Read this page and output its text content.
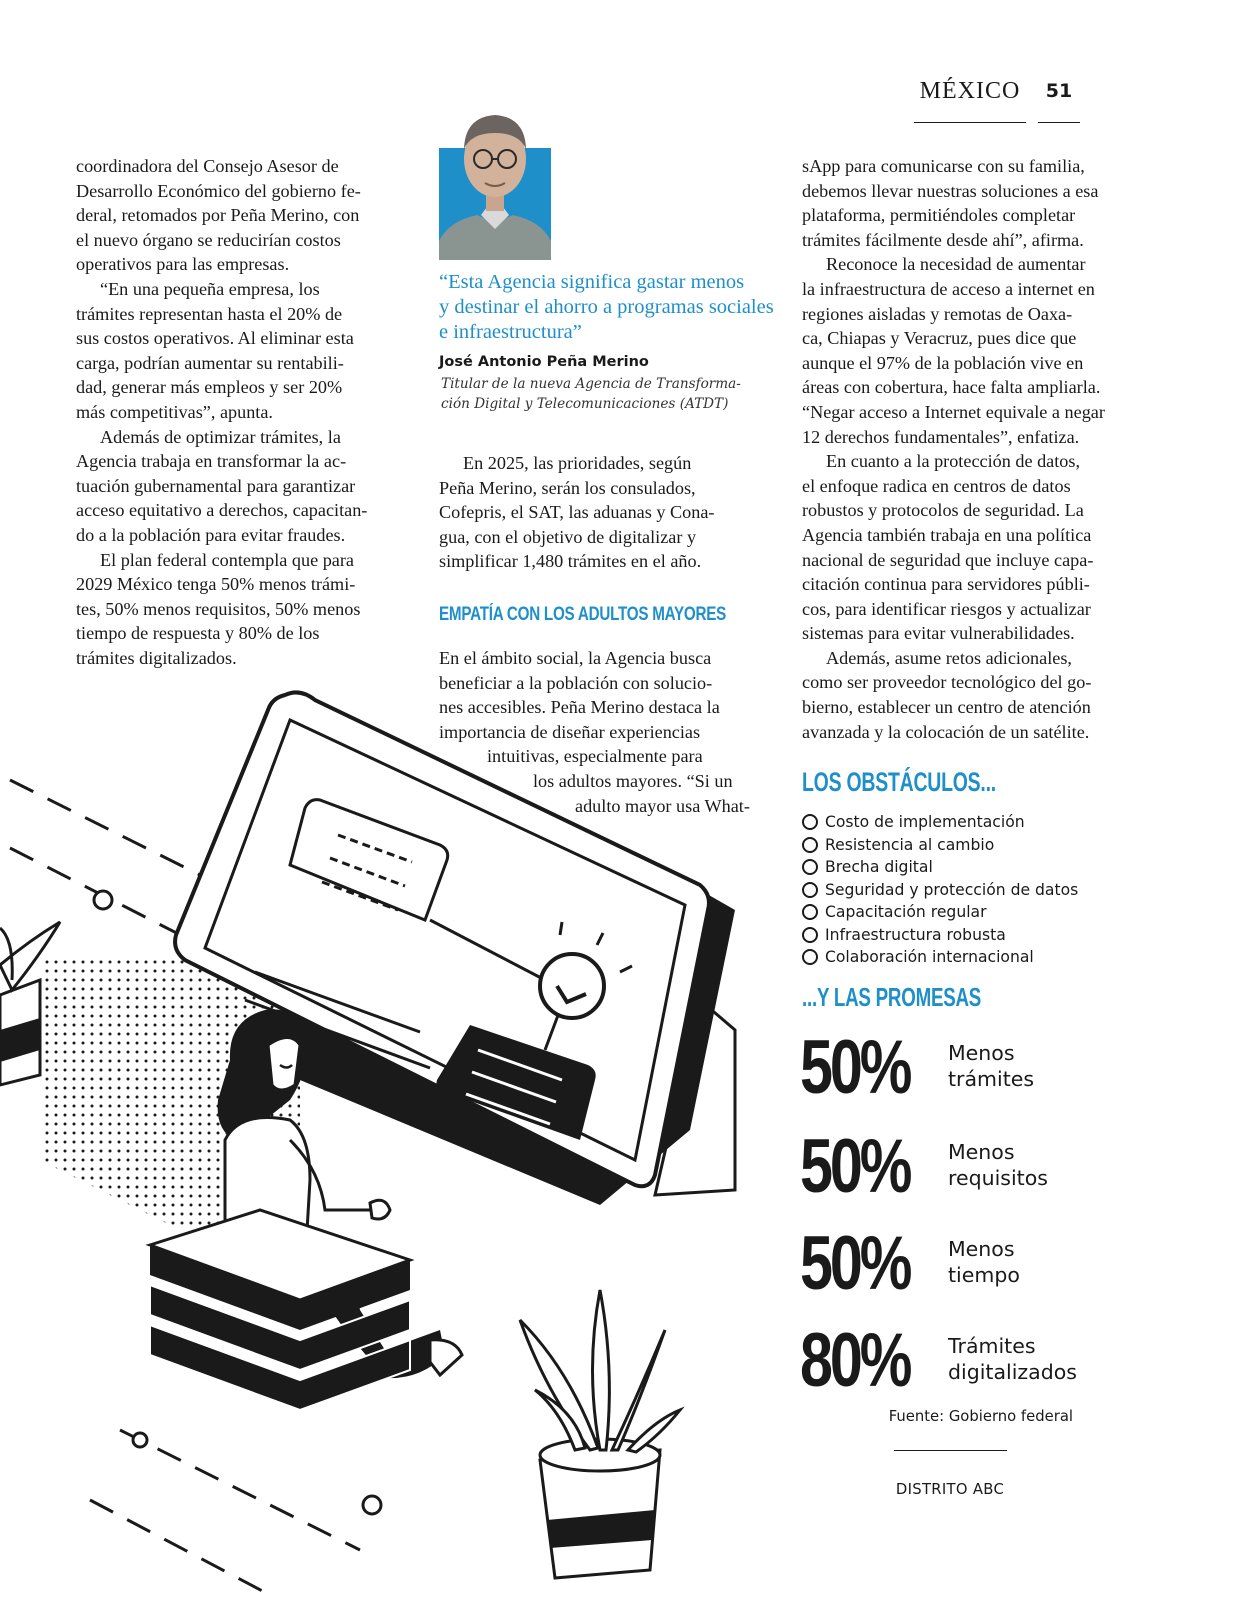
MÉXICO	51
coordinadora del Consejo Asesor de
Desarrollo Económico del gobierno fe-
deral, retomados por Peña Merino, con
el nuevo órgano se reducirían costos
operativos para las empresas.
“En una pequeña empresa, los
trámites representan hasta el 20% de
sus costos operativos. Al eliminar esta
carga, podrían aumentar su rentabili-
dad, generar más empleos y ser 20%
más competitivas”, apunta.
Además de optimizar trámites, la
Agencia trabaja en transformar la ac-
tuación gubernamental para garantizar
acceso equitativo a derechos, capacitan-
do a la población para evitar fraudes.
El plan federal contempla que para
2029 México tenga 50% menos trámi-
tes, 50% menos requisitos, 50% menos
tiempo de respuesta y 80% de los
trámites digitalizados.
“Esta Agencia significa gastar menos
y destinar el ahorro a programas sociales
e infraestructura”
José Antonio Peña Merino
Titular de la nueva Agencia de Transforma-
ción Digital y Telecomunicaciones (ATDT)
En 2025, las prioridades, según
Peña Merino, serán los consulados,
Cofepris, el SAT, las aduanas y Cona-
gua, con el objetivo de digitalizar y
simplificar 1,480 trámites en el año.
EMPATÍA CON LOS ADULTOS MAYORES
En el ámbito social, la Agencia busca
beneficiar a la población con solucio-
nes accesibles. Peña Merino destaca la
importancia de diseñar experiencias
intuitivas, especialmente para
los adultos mayores. “Si un
adulto mayor usa What-
sApp para comunicarse con su familia,
debemos llevar nuestras soluciones a esa
plataforma, permitiéndoles completar
trámites fácilmente desde ahí”, afirma.
Reconoce la necesidad de aumentar
la infraestructura de acceso a internet en
regiones aisladas y remotas de Oaxa-
ca, Chiapas y Veracruz, pues dice que
aunque el 97% de la población vive en
áreas con cobertura, hace falta ampliarla.
“Negar acceso a Internet equivale a negar
12 derechos fundamentales”, enfatiza.
En cuanto a la protección de datos,
el enfoque radica en centros de datos
robustos y protocolos de seguridad. La
Agencia también trabaja en una política
nacional de seguridad que incluye capa-
citación continua para servidores públi-
cos, para identificar riesgos y actualizar
sistemas para evitar vulnerabilidades.
Además, asume retos adicionales,
como ser proveedor tecnológico del go-
bierno, establecer un centro de atención
avanzada y la colocación de un satélite.
LOS OBSTÁCULOS...
Costo de implementación
Resistencia al cambio
Brecha digital
Seguridad y protección de datos
Capacitación regular
Infraestructura robusta
Colaboración internacional
...Y LAS PROMESAS
50% Menos
trámites
50% Menos
requisitos
50% Menos
tiempo
80% Trámites
digitalizados
Fuente: Gobierno federal
DISTRITO ABC
